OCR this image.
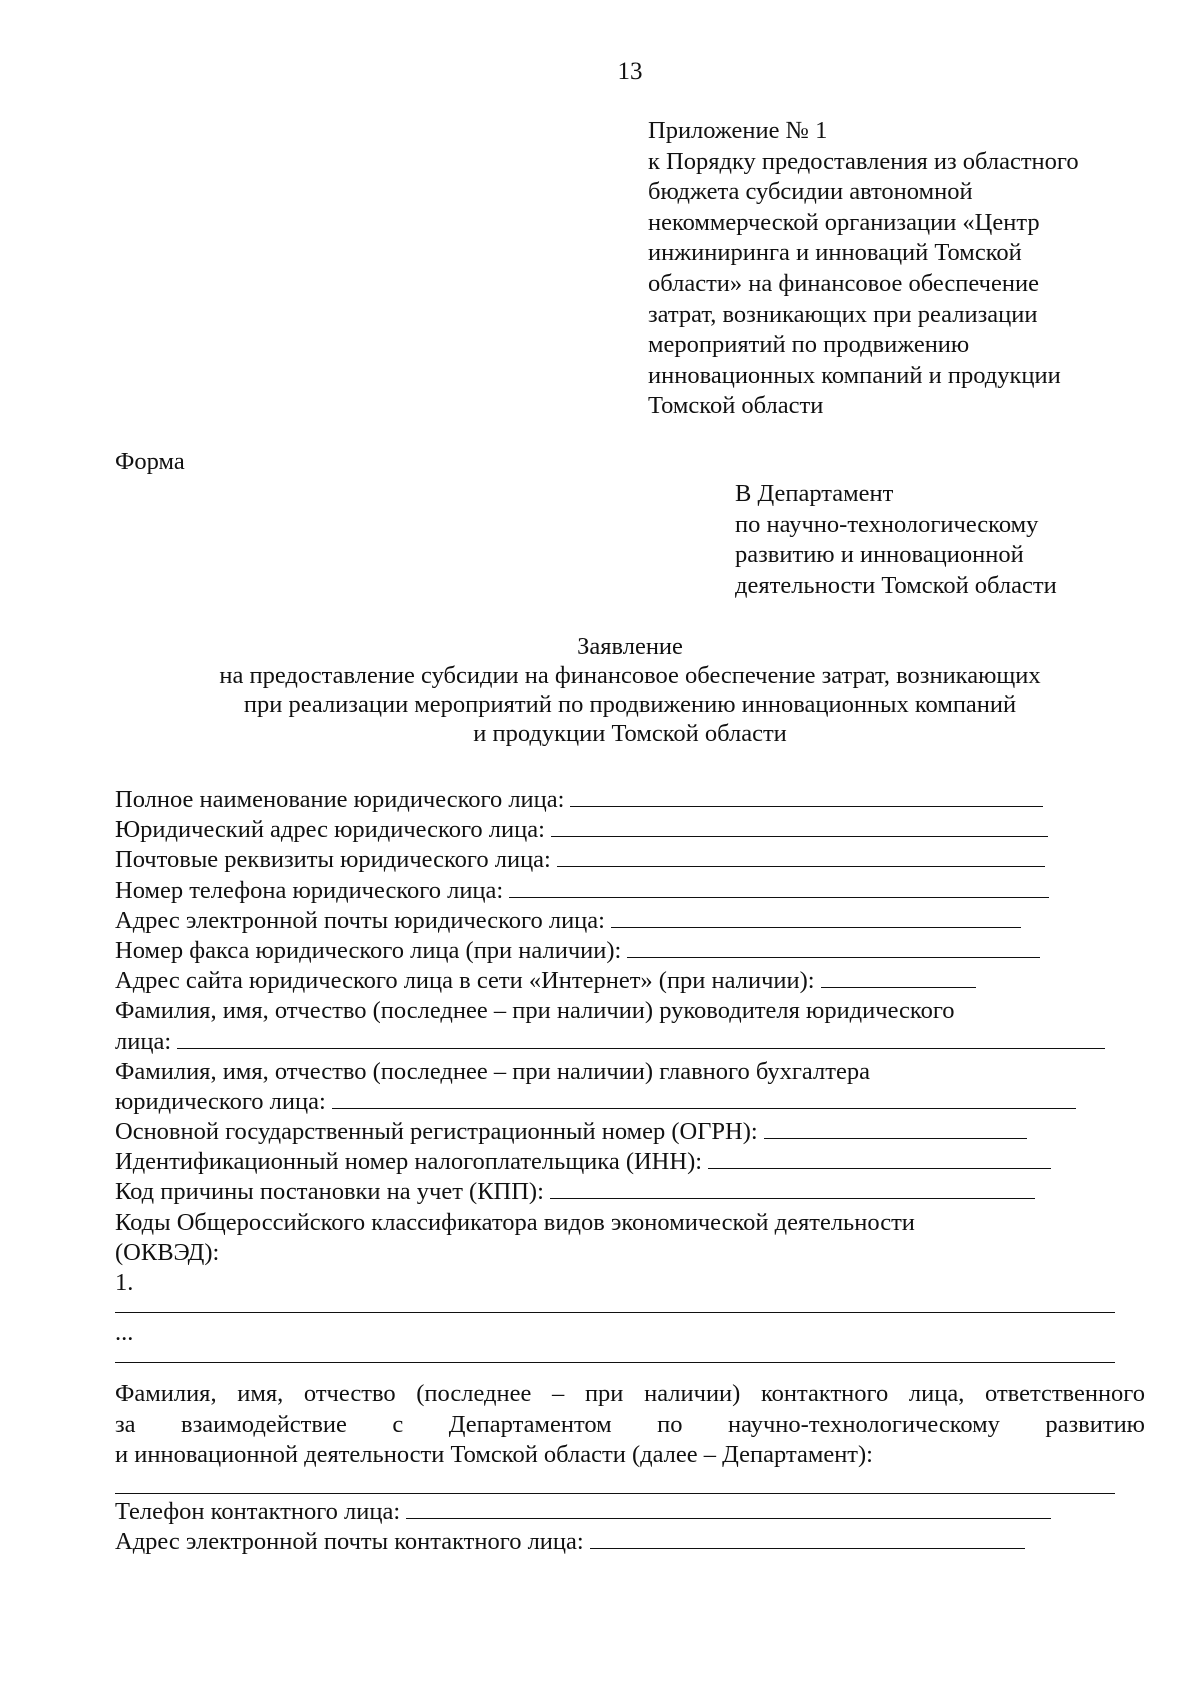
13
Приложение № 1
к Порядку предоставления из областного
бюджета субсидии автономной
некоммерческой организации «Центр
инжиниринга и инноваций Томской
области» на финансовое обеспечение
затрат, возникающих при реализации
мероприятий по продвижению
инновационных компаний и продукции
Томской области
Форма
В Департамент
по научно-технологическому
развитию и инновационной
деятельности Томской области
Заявление
на предоставление субсидии на финансовое обеспечение затрат, возникающих
при реализации мероприятий по продвижению инновационных компаний
и продукции Томской области
Полное наименование юридического лица:
Юридический адрес юридического лица:
Почтовые реквизиты юридического лица:
Номер телефона юридического лица:
Адрес электронной почты юридического лица:
Номер факса юридического лица (при наличии):
Адрес сайта юридического лица в сети «Интернет» (при наличии):
Фамилия, имя, отчество (последнее – при наличии) руководителя юридического
лица:
Фамилия, имя, отчество (последнее – при наличии) главного бухгалтера
юридического лица:
Основной государственный регистрационный номер (ОГРН):
Идентификационный номер налогоплательщика (ИНН):
Код причины постановки на учет (КПП):
Коды Общероссийского классификатора видов экономической деятельности
(ОКВЭД):
1.
...
Фамилия, имя, отчество (последнее – при наличии) контактного лица, ответственного
за взаимодействие с Департаментом по научно-технологическому развитию
и инновационной деятельности Томской области (далее – Департамент):
Телефон контактного лица:
Адрес электронной почты контактного лица:
